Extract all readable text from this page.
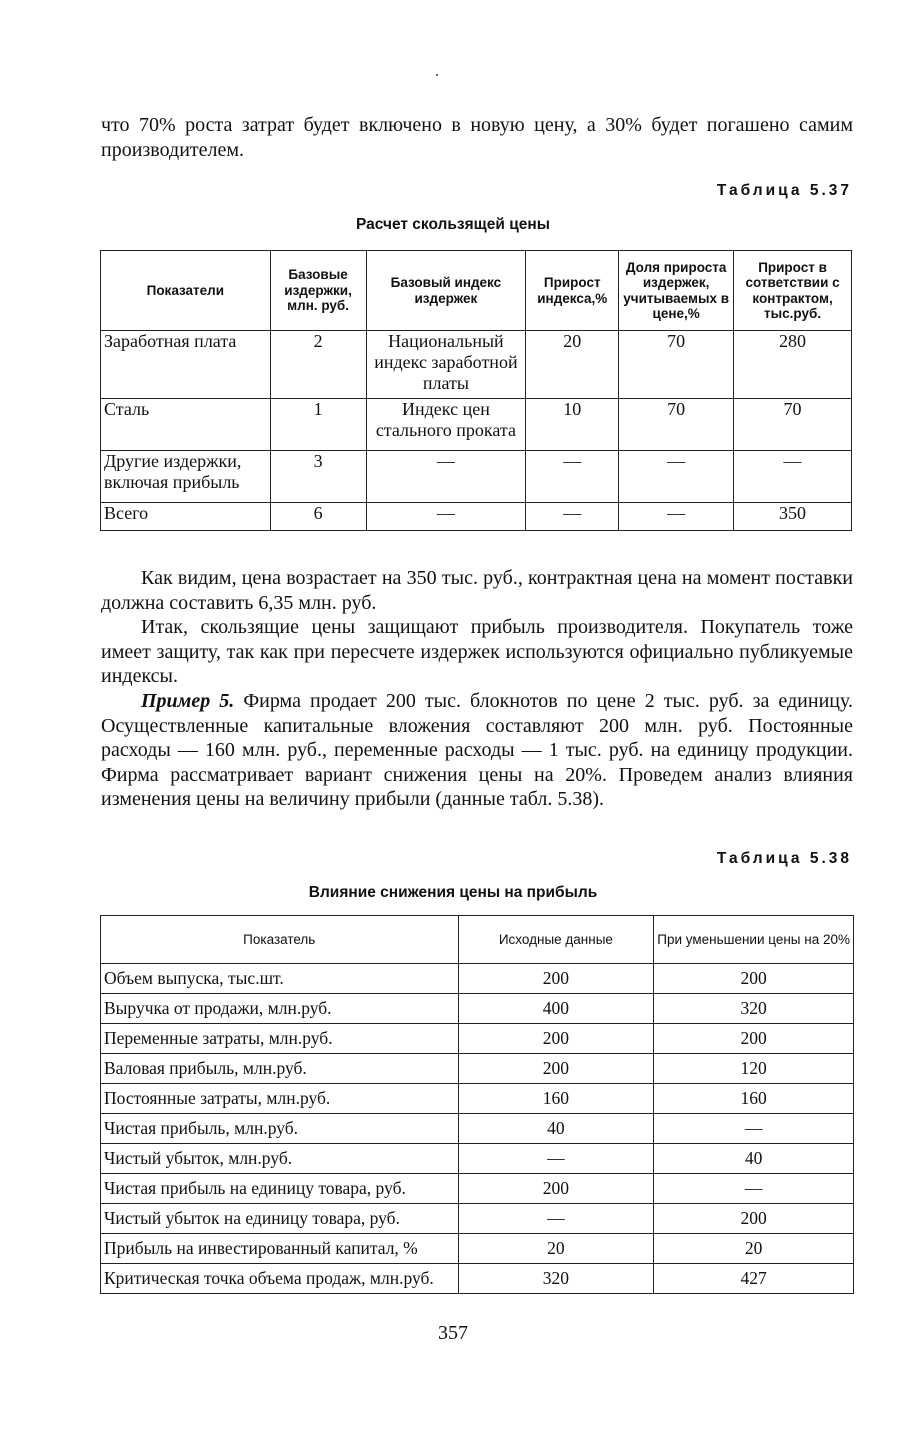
что 70% роста затрат будет включено в новую цену, а 30% будет погашено самим производителем.

Таблица 5.37
Расчет скользящей цены
Показатели	Базовые издержки, млн. руб.	Базовый индекс издержек	Прирост индекса,%	Доля прироста издержек, учитываемых в цене,%	Прирост в сответствии с контрактом, тыс.руб.
Заработная плата	2	Национальный индекс заработной платы	20	70	280
Сталь	1	Индекс цен стального проката	10	70	70
Другие издержки, включая прибыль	3	—	—	—	—
Всего	6	—	—	—	350

Как видим, цена возрастает на 350 тыс. руб., контрактная цена на момент поставки должна составить 6,35 млн. руб.

Итак, скользящие цены защищают прибыль производителя. Покупатель тоже имеет защиту, так как при пересчете издержек используются официально публикуемые индексы.

Пример 5. Фирма продает 200 тыс. блокнотов по цене 2 тыс. руб. за единицу. Осуществленные капитальные вложения составляют 200 млн. руб. Постоянные расходы — 160 млн. руб., переменные расходы — 1 тыс. руб. на единицу продукции. Фирма рассматривает вариант снижения цены на 20%. Проведем анализ влияния изменения цены на величину прибыли (данные табл. 5.38).

Таблица 5.38
Влияние снижения цены на прибыль
Показатель	Исходные данные	При уменьшении цены на 20%
Объем выпуска, тыс.шт.	200	200
Выручка от продажи, млн.руб.	400	320
Переменные затраты, млн.руб.	200	200
Валовая прибыль, млн.руб.	200	120
Постоянные затраты, млн.руб.	160	160
Чистая прибыль, млн.руб.	40	—
Чистый убыток, млн.руб.	—	40
Чистая прибыль на единицу товара, руб.	200	—
Чистый убыток на единицу товара, руб.	—	200
Прибыль на инвестированный капитал, %	20	20
Критическая точка объема продаж, млн.руб.	320	427
357
